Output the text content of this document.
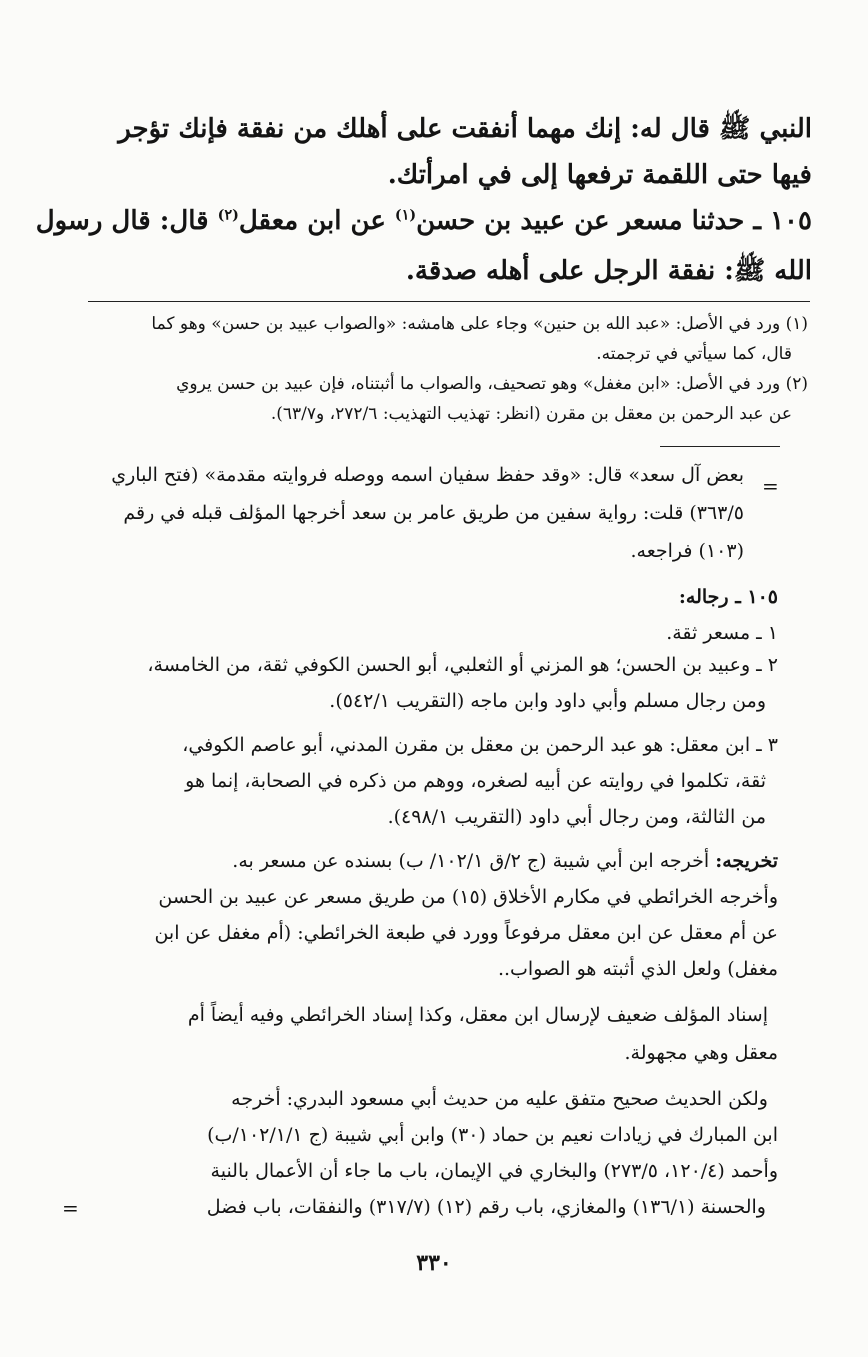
النبي ﷺ قال له: إنك مهما أنفقت على أهلك من نفقة فإنك تؤجر
فيها حتى اللقمة ترفعها إلى في امرأتك.
١٠٥ ـ حدثنا مسعر عن عبيد بن حسن$^{(١)}$ عن ابن معقل$^{(٢)}$ قال: قال رسول
الله ﷺ: نفقة الرجل على أهله صدقة.
(١) ورد في الأصل: «عبد الله بن حنين» وجاء على هامشه: «والصواب عبيد بن حسن» وهو كما
قال، كما سيأتي في ترجمته.
(٢) ورد في الأصل: «ابن مغفل» وهو تصحيف، والصواب ما أثبتناه، فإن عبيد بن حسن يروي
عن عبد الرحمن بن معقل بن مقرن (انظر: تهذيب التهذيب: ٢٧٢/٦، و٦٣/٧).
=
بعض آل سعد» قال: «وقد حفظ سفيان اسمه ووصله فروايته مقدمة» (فتح الباري
٣٦٣/٥) قلت: رواية سفين من طريق عامر بن سعد أخرجها المؤلف قبله في رقم
(١٠٣) فراجعه.
١٠٥ ـ رجاله:
١ ـ مسعر ثقة.
٢ ـ وعبيد بن الحسن؛ هو المزني أو الثعلبي، أبو الحسن الكوفي ثقة، من الخامسة،
ومن رجال مسلم وأبي داود وابن ماجه (التقريب ٥٤٢/١).
٣ ـ ابن معقل: هو عبد الرحمن بن معقل بن مقرن المدني، أبو عاصم الكوفي،
ثقة، تكلموا في روايته عن أبيه لصغره، ووهم من ذكره في الصحابة، إنما هو
من الثالثة، ومن رجال أبي داود (التقريب ٤٩٨/١).
تخريجه: أخرجه ابن أبي شيبة (ج ٢/ق ١٠٢/١/ ب) بسنده عن مسعر به.
وأخرجه الخرائطي في مكارم الأخلاق (١٥) من طريق مسعر عن عبيد بن الحسن
عن أم معقل عن ابن معقل مرفوعاً وورد في طبعة الخرائطي: (أم مغفل عن ابن
مغفل) ولعل الذي أثبته هو الصواب..
إسناد المؤلف ضعيف لإرسال ابن معقل، وكذا إسناد الخرائطي وفيه أيضاً أم
معقل وهي مجهولة.
ولكن الحديث صحيح متفق عليه من حديث أبي مسعود البدري: أخرجه
ابن المبارك في زيادات نعيم بن حماد (٣٠) وابن أبي شيبة (ج ١٠٢/١/١/ب)
وأحمد (١٢٠/٤، ٢٧٣/٥) والبخاري في الإيمان، باب ما جاء أن الأعمال بالنية
والحسنة (١٣٦/١) والمغازي، باب رقم (١٢) (٣١٧/٧) والنفقات، باب فضل
=
٣٣٠
